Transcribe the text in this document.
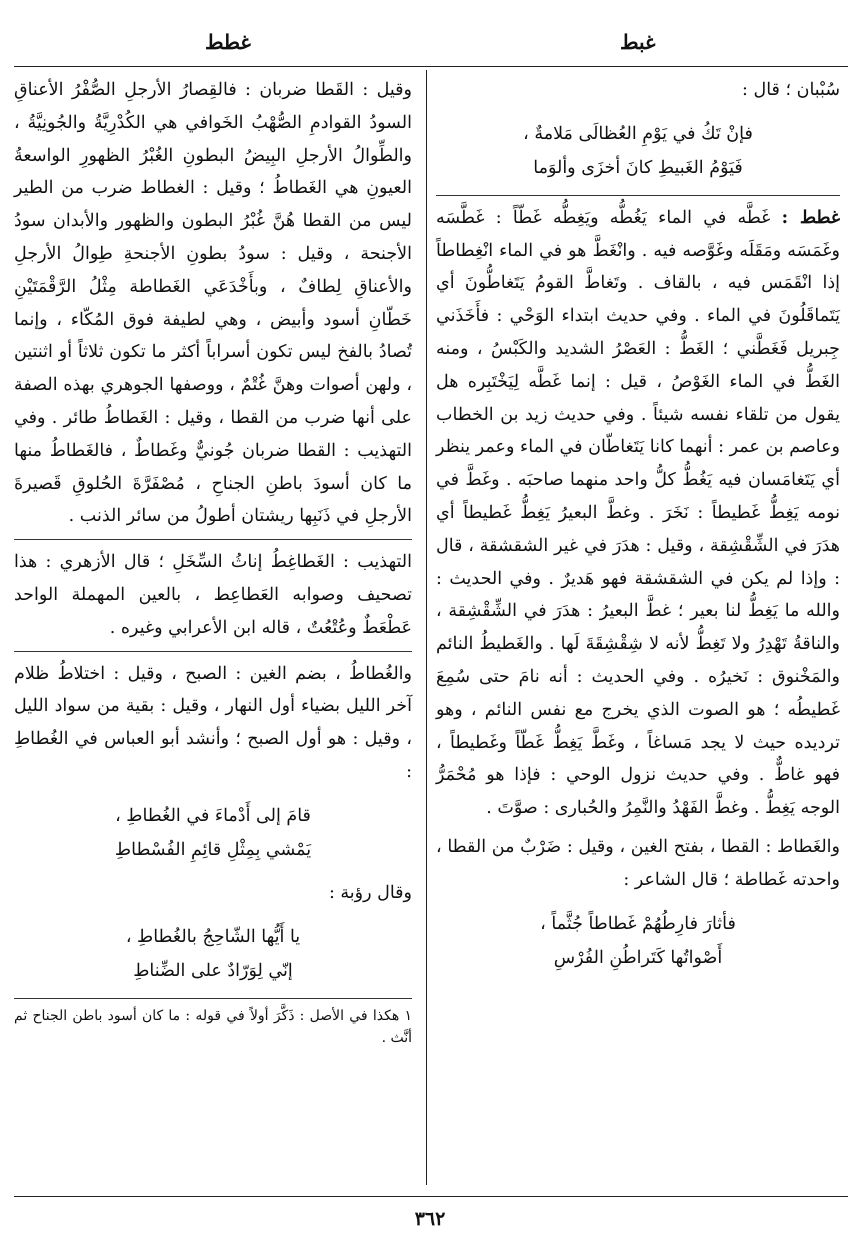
غبط
غطط

سُبْبان ؛ قال :

فإنْ تَكُ في يَوْمِ العُظالَى مَلامةٌ ،
فَيَوْمُ الغَبيطِ كانَ أخزَى وألوَما

غطط : غَطَّه في الماء يَغُطُّه ويَغِطُّه غَطّاً : غَطَّسَه وغَمَسَه ومَقَلَه وغَوَّصه فيه . وانْغَطَّ هو في الماء انْغِطاطاً إذا انْقَمَس فيه ، بالقاف . وتَغاطَّ القومُ يَتَغاطُّونَ أي يَتَماقَلُونَ في الماء . وفي حديث ابتداء الوَحْي : فأَخَذَني جِبريل فَغَطَّني ؛ الغَطُّ : العَصْرُ الشديد والكَبْسُ ، ومنه الغَطُّ في الماء الغَوْصُ ، قيل : إنما غَطَّه لِيَخْتَبِره هل يقول من تلقاء نفسه شيئاً . وفي حديث زيد بن الخطاب وعاصم بن عمر : أنهما كانا يَتَغاطّان في الماء وعمر ينظر أي يَتَغامَسان فيه يَغُطُّ كلُّ واحد منهما صاحبَه . وغَطَّ في نومه يَغِطُّ غَطيطاً : نَخَرَ . وغطَّ البعيرُ يَغِطُّ غَطيطاً أي هدَرَ في الشِّقْشِقة ، وقيل : هدَرَ في غير الشقشقة ، قال : وإذا لم يكن في الشقشقة فهو هَديرٌ . وفي الحديث : والله ما يَغِطُّ لنا بعير ؛ غطَّ البعيرُ : هدَرَ في الشِّقْشِقة ، والناقةُ تَهْدِرُ ولا تَغِطُّ لأنه لا شِقْشِقَةَ لَها . والغَطيطُ النائم والمَخْنوق : نَخيرُه . وفي الحديث : أنه نامَ حتى سُمِعَ غَطيطُه ؛ هو الصوت الذي يخرج مع نفس النائم ، وهو ترديده حيث لا يجد مَساغاً ، وغَطَّ يَغِطُّ غَطّاً وغَطيطاً ، فهو غاطٌّ . وفي حديث نزول الوحي : فإذا هو مُحْمَرُّ الوجه يَغِطُّ . وغطَّ الفَهْدُ والنَّمِرُ والحُبارى : صوَّتَ .

والغَطاط : القطا ، بفتح الغين ، وقيل : ضَرْبٌ من القطا ، واحدته غَطاطة ؛ قال الشاعر :

فأثارَ فارِطُهُمْ غَطاطاً جُثَّماً ،
أَصْواتُها كَتَراطُنِ الفُرْسِ

وقيل : القَطا ضربان : فالقِصارُ الأرجلِ الصُّفْرُ الأعناقِ السودُ القوادمِ الصُّهْبُ الخَوافي هي الكُدْرِيَّةُ والجُونِيَّةُ ، والطِّوالُ الأرجلِ البِيضُ البطونِ الغُبْرُ الظهورِ الواسعةُ العيونِ هي الغَطاطُ ؛ وقيل : الغطاط ضرب من الطير ليس من القطا هُنَّ غُبْرُ البطون والظهور والأبدان سودُ الأجنحة ، وقيل : سودُ بطونِ الأجنحةِ طِوالُ الأرجلِ والأعناقِ لِطافٌ ، وبأَخْدَعَي الغَطاطة مِثْلُ الرَّقْمَتَيْنِ خَطّانِ أسود وأبيض ، وهي لطيفة فوق المُكّاء ، وإنما تُصادُ بالفخ ليس تكون أسراباً أكثر ما تكون ثلاثاً أو اثنتين ، ولهن أصوات وهنَّ غُتْمٌ ، ووصفها الجوهري بهذه الصفة على أنها ضرب من القطا ، وقيل : الغَطاطُ طائر . وفي التهذيب : القطا ضربان جُونيٌّ وغَطاطٌ ، فالغَطاطُ منها ما كان أسودَ باطنِ الجناحِ ، مُصْفَرَّةَ الحُلوقِ قَصيرةَ الأرجلِ في ذَنَبِها ريشتان أطولُ من سائر الذنب .

التهذيب : الغَطاغِطُ إناثُ السِّخَلِ ؛ قال الأزهري : هذا تصحيف وصوابه العَطاعِط ، بالعين المهملة الواحد عَطْعَطٌ وعُتْعُتٌ ، قاله ابن الأعرابي وغيره .

والغُطاطُ ، بضم الغين : الصبح ، وقيل : اختلاطُ ظلام آخر الليل بضياء أول النهار ، وقيل : بقية من سواد الليل ، وقيل : هو أول الصبح ؛ وأنشد أبو العباس في الغُطاطِ :

قامَ إلى أَدْماءَ في الغُطاطِ ،
يَمْشي بِمِثْلِ قائِمِ الفُسْطاطِ

وقال رؤبة :

يا أَيُّها الشّاحِجُ بالغُطاطِ ،
إنّي لِوَرّادٌ على الضِّناطِ

١ هكذا في الأصل : ذَكَّرَ أولاً في قوله : ما كان أسود باطن الجناح ثم أنَّث .

٣٦٢
